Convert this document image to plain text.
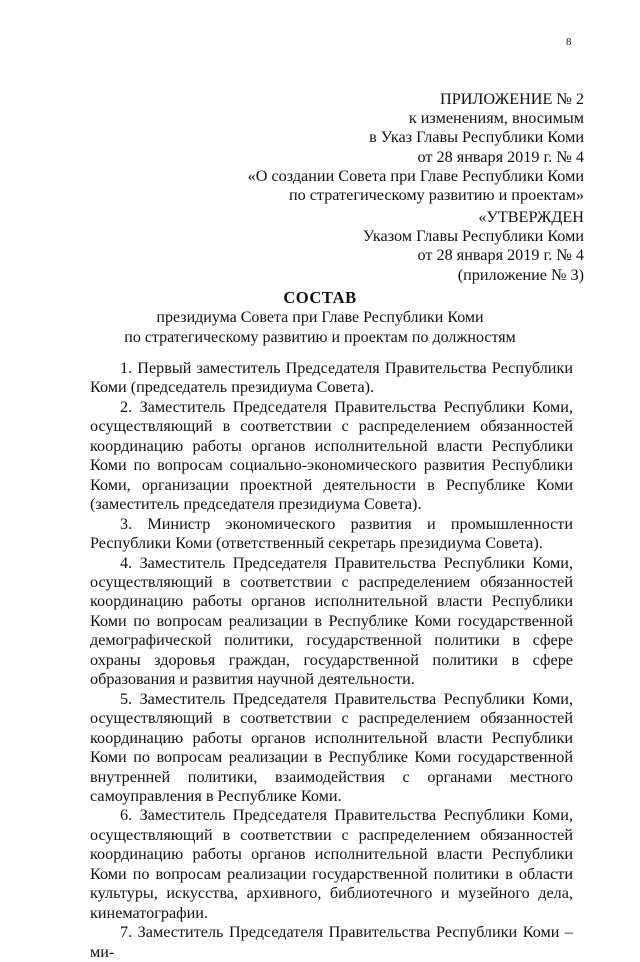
8
ПРИЛОЖЕНИЕ № 2
к изменениям, вносимым
в Указ Главы Республики Коми
от 28 января 2019 г. № 4
«О создании Совета при Главе Республики Коми
по стратегическому развитию и проектам»
«УТВЕРЖДЕН
Указом Главы Республики Коми
от 28 января 2019 г. № 4
(приложение № 3)
СОСТАВ
президиума Совета при Главе Республики Коми
по стратегическому развитию и проектам по должностям

1. Первый заместитель Председателя Правительства Республики Коми (председатель президиума Совета).

2. Заместитель Председателя Правительства Республики Коми, осуществляющий в соответствии с распределением обязанностей координацию работы органов исполнительной власти Республики Коми по вопросам социально-экономического развития Республики Коми, организации проектной деятельности в Республике Коми (заместитель председателя президиума Совета).

3. Министр экономического развития и промышленности Республики Коми (ответственный секретарь президиума Совета).

4. Заместитель Председателя Правительства Республики Коми, осуществляющий в соответствии с распределением обязанностей координацию работы органов исполнительной власти Республики Коми по вопросам реализации в Республике Коми государственной демографической политики, государственной политики в сфере охраны здоровья граждан, государственной политики в сфере образования и развития научной деятельности.

5. Заместитель Председателя Правительства Республики Коми, осуществляющий в соответствии с распределением обязанностей координацию работы органов исполнительной власти Республики Коми по вопросам реализации в Республике Коми государственной внутренней политики, взаимодействия с органами местного самоуправления в Республике Коми.

6. Заместитель Председателя Правительства Республики Коми, осуществляющий в соответствии с распределением обязанностей координацию работы органов исполнительной власти Республики Коми по вопросам реализации государственной политики в области культуры, искусства, архивного, библиотечного и музейного дела, кинематографии.

7. Заместитель Председателя Правительства Республики Коми – ми-
